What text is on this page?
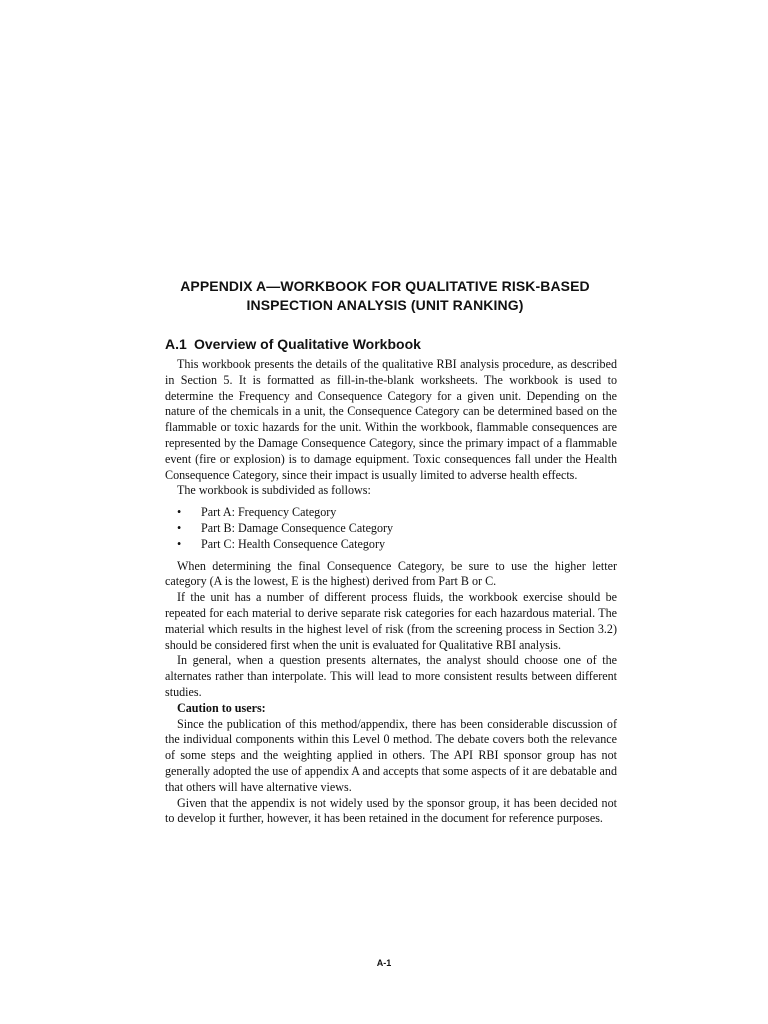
APPENDIX A—WORKBOOK FOR QUALITATIVE RISK-BASED
INSPECTION ANALYSIS (UNIT RANKING)
A.1 Overview of Qualitative Workbook

This workbook presents the details of the qualitative RBI analysis procedure, as described in Section 5. It is formatted as fill-in-the-blank worksheets. The workbook is used to determine the Frequency and Consequence Category for a given unit. Depending on the nature of the chemicals in a unit, the Consequence Category can be determined based on the flammable or toxic hazards for the unit. Within the workbook, flammable consequences are represented by the Damage Consequence Category, since the primary impact of a flammable event (fire or explosion) is to damage equipment. Toxic consequences fall under the Health Consequence Category, since their impact is usually limited to adverse health effects.

The workbook is subdivided as follows:

• Part A: Frequency Category
• Part B: Damage Consequence Category
• Part C: Health Consequence Category

When determining the final Consequence Category, be sure to use the higher letter category (A is the lowest, E is the highest) derived from Part B or C.

If the unit has a number of different process fluids, the workbook exercise should be repeated for each material to derive separate risk categories for each hazardous material. The material which results in the highest level of risk (from the screening process in Section 3.2) should be considered first when the unit is evaluated for Qualitative RBI analysis.

In general, when a question presents alternates, the analyst should choose one of the alternates rather than interpolate. This will lead to more consistent results between different studies.

Caution to users:

Since the publication of this method/appendix, there has been considerable discussion of the individual components within this Level 0 method. The debate covers both the relevance of some steps and the weighting applied in others. The API RBI sponsor group has not generally adopted the use of appendix A and accepts that some aspects of it are debatable and that others will have alternative views.

Given that the appendix is not widely used by the sponsor group, it has been decided not to develop it further, however, it has been retained in the document for reference purposes.

A-1
